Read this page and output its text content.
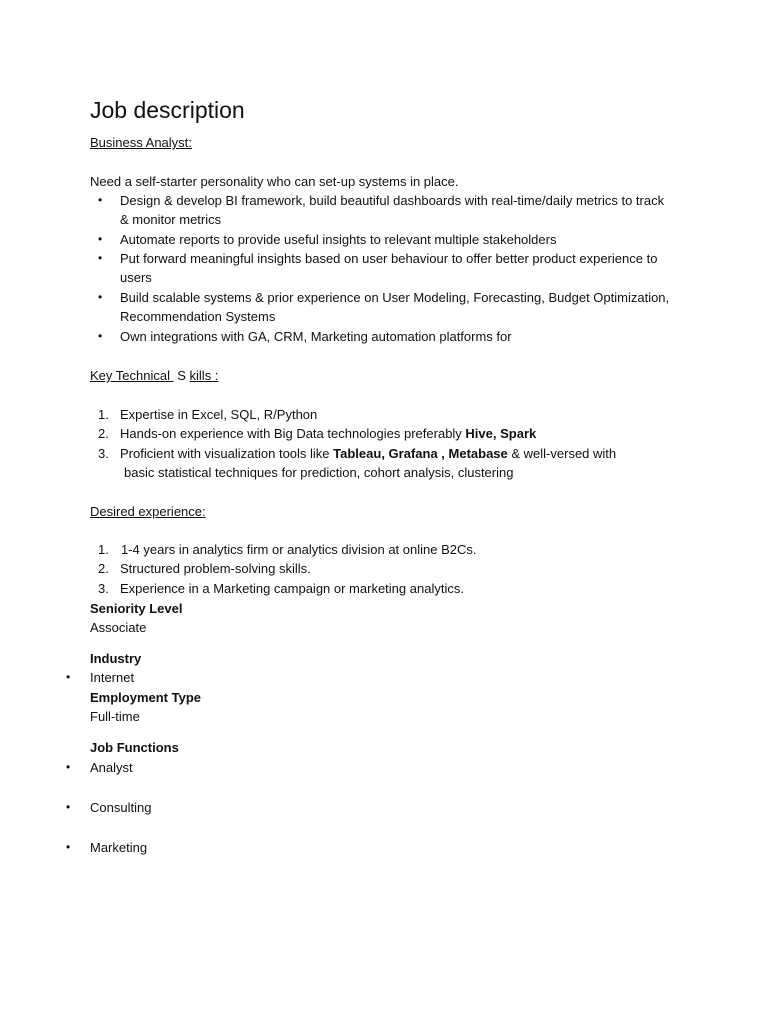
Job description
Business Analyst:
Need a self-starter personality who can set-up systems in place.
• Design & develop BI framework, build beautiful dashboards with real-time/daily metrics to track
& monitor metrics
• Automate reports to provide useful insights to relevant multiple stakeholders
• Put forward meaningful insights based on user behaviour to offer better product experience to
users
• Build scalable systems & prior experience on User Modeling, Forecasting, Budget Optimization,
Recommendation Systems
• Own integrations with GA, CRM, Marketing automation platforms for
Key Technical S kills :
1. Expertise in Excel, SQL, R/Python
2. Hands-on experience with Big Data technologies preferably Hive, Spark
3. Proficient with visualization tools like Tableau, Grafana , Metabase & well-versed with
basic statistical techniques for prediction, cohort analysis, clustering
Desired experience:
1. 1-4 years in analytics firm or analytics division at online B2Cs.
2. Structured problem-solving skills.
3. Experience in a Marketing campaign or marketing analytics.
Seniority Level
Associate
Industry
• Internet
Employment Type
Full-time
Job Functions
• Analyst
• Consulting
• Marketing
